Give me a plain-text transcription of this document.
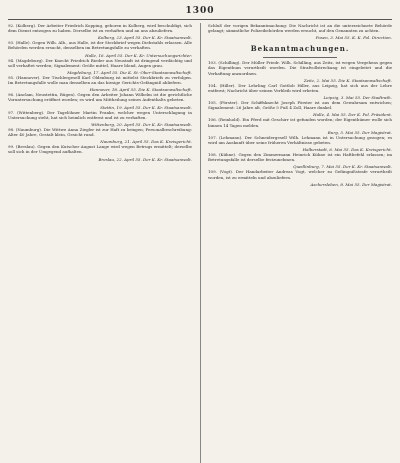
1300

92. (Kolberg). Der Arbeiter Friedrich Kopping, geboren in Kolberg, wird beschuldigt, sich dem Dienst entzogen zu haben. Derselbe ist zu verhaften und an uns abzuliefern.

Kolberg, 23. April 55. Der K. Kr. Staatsanwalt.

93. (Halle). Gegen Wilh. Alb., aus Halle, ist der Steckbrief wegen Diebstahls erlassen. Alle Behörden werden ersucht, denselben im Betretungsfalle zu verhaften.

Halle, 16. April 55. Der K. Kr. Untersuchungsrichter.

94. (Magdeburg). Der Knecht Friedrich Rieder aus Neustadt ist dringend verdächtig und soll verhaftet werden; Signalement: Größe mittel, Haare blond, Augen grau.

Magdeburg, 17. April 55. Die K. St.-Ober-Staatsanwaltschaft.

95. (Hannover). Der Tischlergesell Karl Oldenburg ist mittelst Steckbriefs zu verfolgen. Im Betretungsfalle wolle man denselben an das hiesige Gerichts-Gefängniß abliefern.

Hannover, 18. April 55. Die K. Staatsanwaltschaft.

96. (Anclam, Neustettin, Rügen). Gegen den Arbeiter Johann Wilhelm ist die gerichtliche Voruntersuchung eröffnet worden; es wird um Mittheilung seines Aufenthalts gebeten.

Stettin, 19. April 55. Der K. Kr. Staatsanwalt.

97. (Wittenberg). Der Tagelöhner Martin Franke, welcher wegen Unterschlagung in Untersuchung steht, hat sich heimlich entfernt und ist zu verhaften.

Wittenberg, 20. April 55. Der K. Kr. Staatsanwalt.

98. (Naumburg). Die Wittwe Anna Ziegler ist zur Haft zu bringen; Personalbeschreibung: Alter 40 Jahre, Gestalt klein, Gesicht rund.

Naumburg, 21. April 55. Das K. Kreisgericht.

99. (Breslau). Gegen den Kutscher August Lange wird wegen Betrugs ermittelt; derselbe soll sich in der Umgegend aufhalten.

Breslau, 22. April 55. Der K. Kr. Staatsanwalt.

Schluß der vorigen Bekanntmachung: Die Nachricht ist an die unterzeichnete Behörde gelangt; sämmtliche Polizeibehörden werden ersucht, auf den Genannten zu achten.

Posen, 3. Mai 55. K. K. Pol. Direction.
Bekanntmachungen.

103. (Schilling). Der Müller Friedr. Wilh. Schilling, aus Zeitz, ist wegen Vergehens gegen das Eigenthum verurtheilt worden. Die Strafvollstreckung ist eingeleitet und die Verhaftung anzuordnen.

Zeitz, 2. Mai 55. Die K. Staatsanwaltschaft.

104. (Hiller). Der Lehrling Carl Gottlob Hiller, aus Leipzig, hat sich aus der Lehre entfernt; Nachricht über seinen Verbleib wird erbeten.

Leipzig, 3. Mai 55. Der Stadtrath.

105. (Förster). Der Schiffsknecht Joseph Förster ist aus dem Gewahrsam entwichen; Signalement: 26 Jahre alt, Größe 5 Fuß 4 Zoll, Haare dunkel.

Halle, 4. Mai 55. Der K. Pol. Präsident.

106. (Reinhold). Ein Pferd mit Geschirr ist gefunden worden; der Eigenthümer wolle sich binnen 14 Tagen melden.

Burg, 5. Mai 55. Der Magistrat.

107. (Lehmann). Der Schneidergesell Wilh. Lehmann ist in Untersuchung gezogen; es wird um Auskunft über seine früheren Verhältnisse gebeten.

Halberstadt, 6. Mai 55. Das K. Kreisgericht.

108. (Kühne). Gegen den Zimmermann Heinrich Kühne ist ein Haftbefehl erlassen; im Betretungsfalle ist derselbe festzunehmen.

Quedlinburg, 7. Mai 55. Der K. Kr. Staatsanwalt.

109. (Vogt). Der Handarbeiter Andreas Vogt, welcher zu Gefängnißstrafe verurtheilt worden, ist zu ermitteln und abzuliefern.

Aschersleben, 8. Mai 55. Der Magistrat.
